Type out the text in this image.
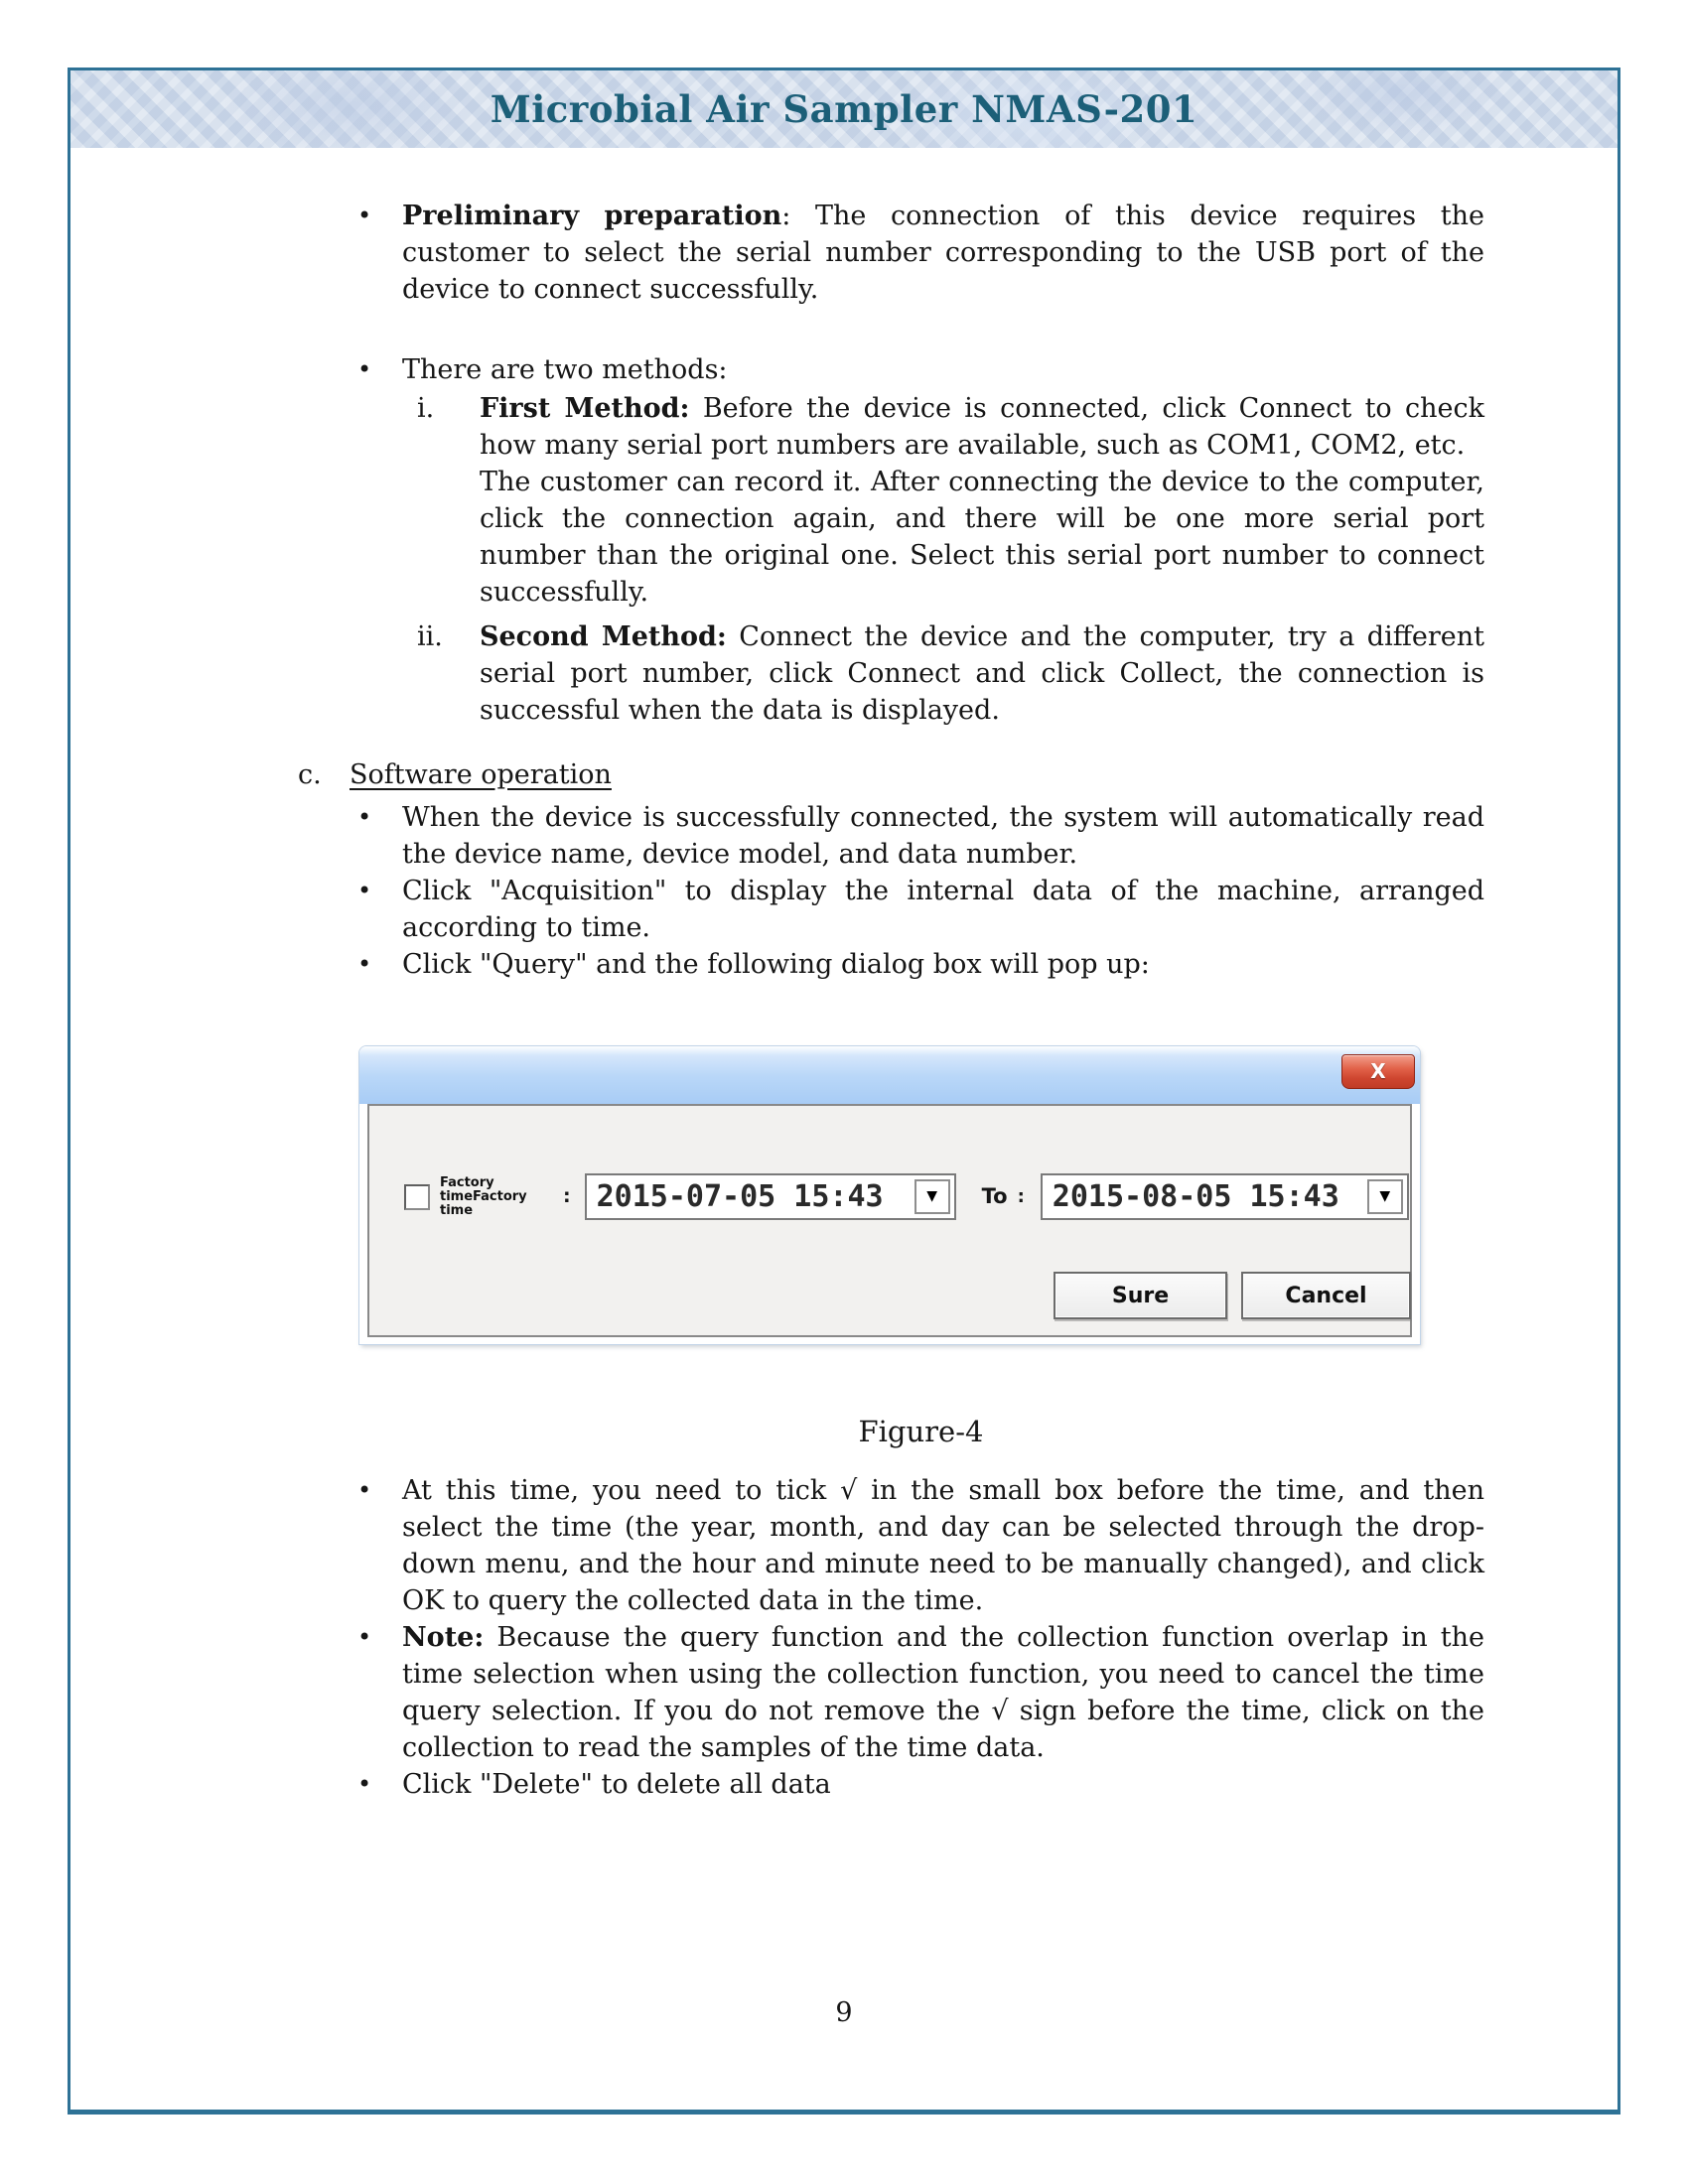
Microbial Air Sampler NMAS-201
•	Preliminary preparation: The connection of this device requires the customer to select the serial number corresponding to the USB port of the device to connect successfully.
•	There are two methods:
i.	First Method: Before the device is connected, click Connect to check how many serial port numbers are available, such as COM1, COM2, etc.
The customer can record it. After connecting the device to the computer, click the connection again, and there will be one more serial port number than the original one. Select this serial port number to connect successfully.
ii.	Second Method: Connect the device and the computer, try a different serial port number, click Connect and click Collect, the connection is successful when the data is displayed.
c.	Software operation
•	When the device is successfully connected, the system will automatically read the device name, device model, and data number.
•	Click "Acquisition" to display the internal data of the machine, arranged according to time.
•	Click "Query" and the following dialog box will pop up:
X
Factory timeFactory time
: 2015-07-05 15:43	▼	To : 2015-08-05 15:43	▼
Sure	Cancel
Figure-4
•	At this time, you need to tick √ in the small box before the time, and then select the time (the year, month, and day can be selected through the drop-down menu, and the hour and minute need to be manually changed), and click OK to query the collected data in the time.
•	Note: Because the query function and the collection function overlap in the time selection when using the collection function, you need to cancel the time query selection. If you do not remove the √ sign before the time, click on the collection to read the samples of the time data.
•	Click "Delete" to delete all data
9
